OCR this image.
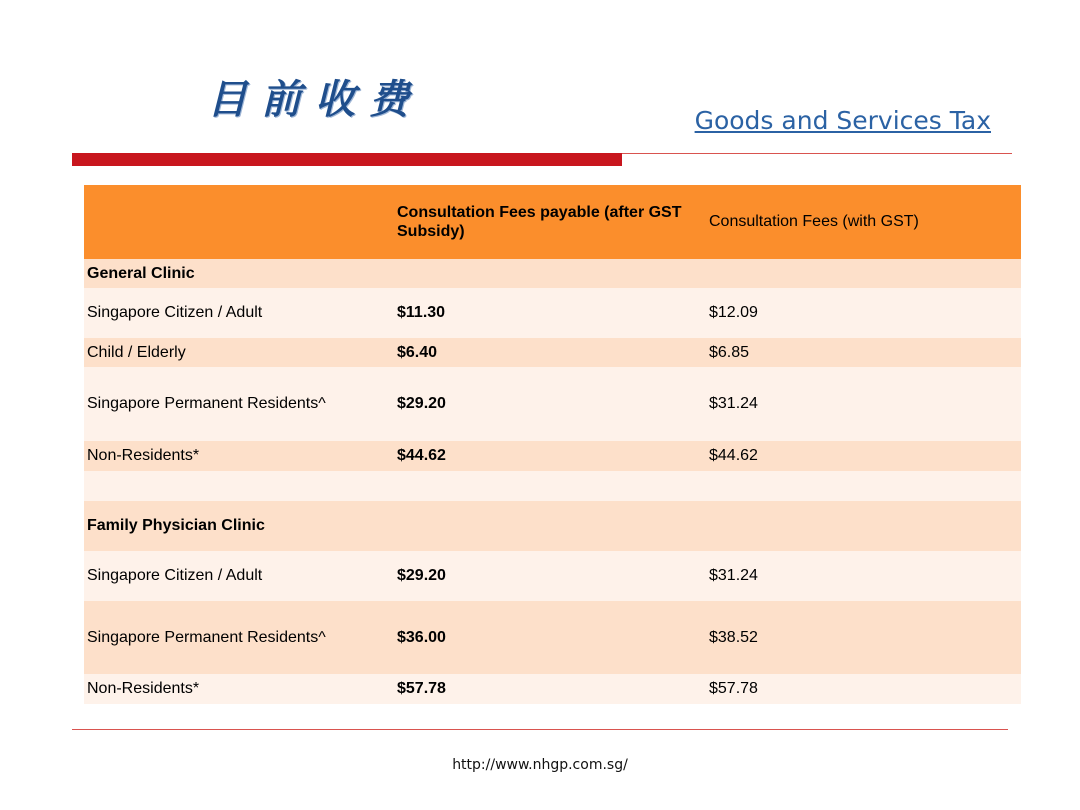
目前收费	Goods and Services Tax
	Consultation Fees payable (after GST Subsidy)	Consultation Fees (with GST)
General Clinic		
Singapore Citizen / Adult	$11.30	$12.09
Child / Elderly	$6.40	$6.85
Singapore Permanent Residents^	$29.20	$31.24
Non-Residents*	$44.62	$44.62

Family Physician Clinic		
Singapore Citizen / Adult	$29.20	$31.24
Singapore Permanent Residents^	$36.00	$38.52
Non-Residents*	$57.78	$57.78
http://www.nhgp.com.sg/
